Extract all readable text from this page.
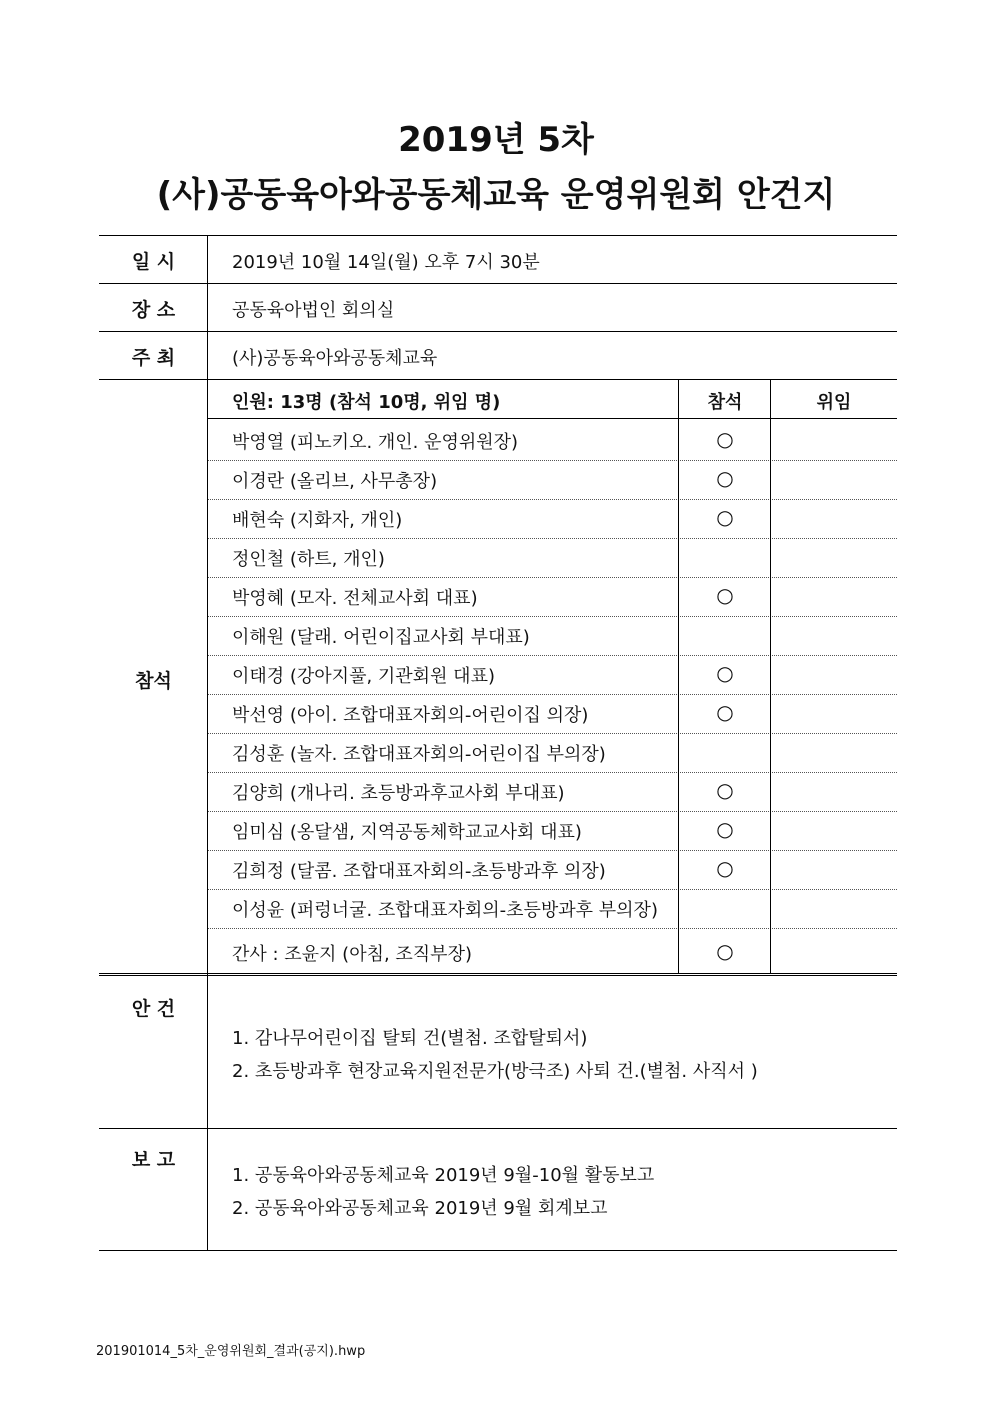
2019년 5차
(사)공동육아와공동체교육 운영위원회 안건지
일 시	2019년 10월 14일(월) 오후 7시 30분
장 소	공동육아법인 회의실
주 최	(사)공동육아와공동체교육
참석
인원: 13명 (참석 10명, 위임 명)	참석	위임
박영열 (피노키오. 개인. 운영위원장)	○
이경란 (올리브, 사무총장)	○
배현숙 (지화자, 개인)	○
정인철 (하트, 개인)
박영혜 (모자. 전체교사회 대표)	○
이해원 (달래. 어린이집교사회 부대표)
이태경 (강아지풀, 기관회원 대표)	○
박선영 (아이. 조합대표자회의-어린이집 의장)	○
김성훈 (놀자. 조합대표자회의-어린이집 부의장)
김양희 (개나리. 초등방과후교사회 부대표)	○
임미심 (옹달샘, 지역공동체학교교사회 대표)	○
김희정 (달콤. 조합대표자회의-초등방과후 의장)	○
이성윤 (퍼렁너굴. 조합대표자회의-초등방과후 부의장)
간사 : 조윤지 (아침, 조직부장)	○
안 건
1. 감나무어린이집 탈퇴 건(별첨. 조합탈퇴서)
2. 초등방과후 현장교육지원전문가(방극조) 사퇴 건.(별첨. 사직서 )
보 고
1. 공동육아와공동체교육 2019년 9월-10월 활동보고
2. 공동육아와공동체교육 2019년 9월 회계보고
201901014_5차_운영위원회_결과(공지).hwp
